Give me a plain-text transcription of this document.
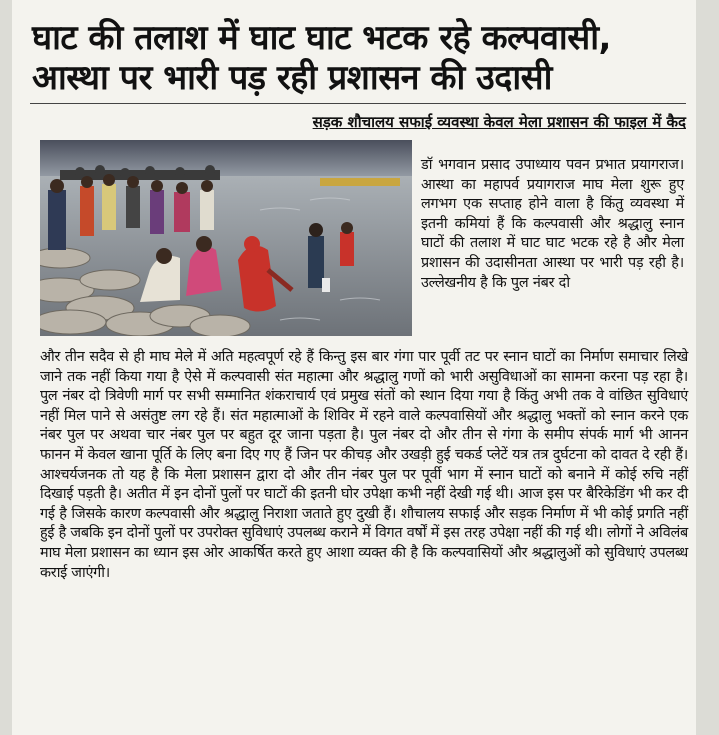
घाट की तलाश में घाट घाट भटक रहे कल्पवासी, आस्था पर भारी पड़ रही प्रशासन की उदासी

सड़क शौचालय सफाई व्यवस्था केवल मेला प्रशासन की फाइल में कैद

डॉ भगवान प्रसाद उपाध्याय पवन प्रभात प्रयागराज। आस्था का महापर्व प्रयागराज माघ मेला शुरू हुए लगभग एक सप्ताह होने वाला है किंतु व्यवस्था में इतनी कमियां हैं कि कल्पवासी और श्रद्धालु स्नान घाटों की तलाश में घाट घाट भटक रहे है और मेला प्रशासन की उदासीनता आस्था पर भारी पड़ रही है। उल्लेखनीय है कि पुल नंबर दो

और तीन सदैव से ही माघ मेले में अति महत्वपूर्ण रहे हैं किन्तु इस बार गंगा पार पूर्वी तट पर स्नान घाटों का निर्माण समाचार लिखे जाने तक नहीं किया गया है ऐसे में कल्पवासी संत महात्मा और श्रद्धालु गणों को भारी असुविधाओं का सामना करना पड़ रहा है। पुल नंबर दो त्रिवेणी मार्ग पर सभी सम्मानित शंकराचार्य एवं प्रमुख संतों को स्थान दिया गया है किंतु अभी तक वे वांछित सुविधाएं नहीं मिल पाने से असंतुष्ट लग रहे हैं। संत महात्माओं के शिविर में रहने वाले कल्पवासियों और श्रद्धालु भक्तों को स्नान करने एक नंबर पुल पर अथवा चार नंबर पुल पर बहुत दूर जाना पड़ता है। पुल नंबर दो और तीन से गंगा के समीप संपर्क मार्ग भी आनन फानन में केवल खाना पूर्ति के लिए बना दिए गए हैं जिन पर कीचड़ और उखड़ी हुई चकर्ड प्लेटें यत्र तत्र दुर्घटना को दावत दे रही हैं। आश्चर्यजनक तो यह है कि मेला प्रशासन द्वारा दो और तीन नंबर पुल पर पूर्वी भाग में स्नान घाटों को बनाने में कोई रुचि नहीं दिखाई पड़ती है। अतीत में इन दोनों पुलों पर घाटों की इतनी घोर उपेक्षा कभी नहीं देखी गई थी। आज इस पर बैरिकेडिंग भी कर दी गई है जिसके कारण कल्पवासी और श्रद्धालु निराशा जताते हुए दुखी हैं। शौचालय सफाई और सड़क निर्माण में भी कोई प्रगति नहीं हुई है जबकि इन दोनों पुलों पर उपरोक्त सुविधाएं उपलब्ध कराने में विगत वर्षों में इस तरह उपेक्षा नहीं की गई थी। लोगों ने अविलंब माघ मेला प्रशासन का ध्यान इस ओर आकर्षित करते हुए आशा व्यक्त की है कि कल्पवासियों और श्रद्धालुओं को सुविधाएं उपलब्ध कराई जाएंगी।
